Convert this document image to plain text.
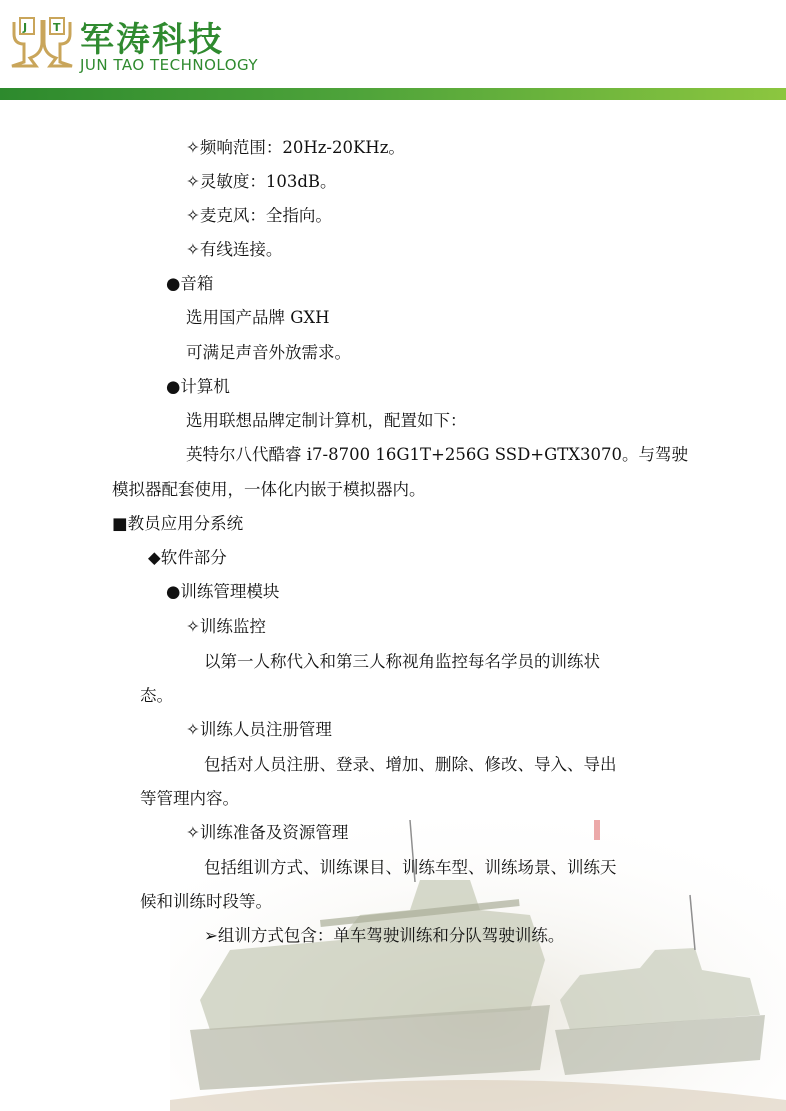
J T 军涛科技
JUN TAO TECHNOLOGY
✧频响范围：20Hz-20KHz。
✧灵敏度：103dB。
✧麦克风：全指向。
✧有线连接。
●音箱
选用国产品牌 GXH
可满足声音外放需求。
●计算机
选用联想品牌定制计算机，配置如下：
英特尔八代酷睿 i7-8700 16G1T+256G SSD+GTX3070。与驾驶
模拟器配套使用，一体化内嵌于模拟器内。
■教员应用分系统
◆软件部分
●训练管理模块
✧训练监控
以第一人称代入和第三人称视角监控每名学员的训练状
态。
✧训练人员注册管理
包括对人员注册、登录、增加、删除、修改、导入、导出
等管理内容。
✧训练准备及资源管理
包括组训方式、训练课目、训练车型、训练场景、训练天
候和训练时段等。
➢组训方式包含：单车驾驶训练和分队驾驶训练。
